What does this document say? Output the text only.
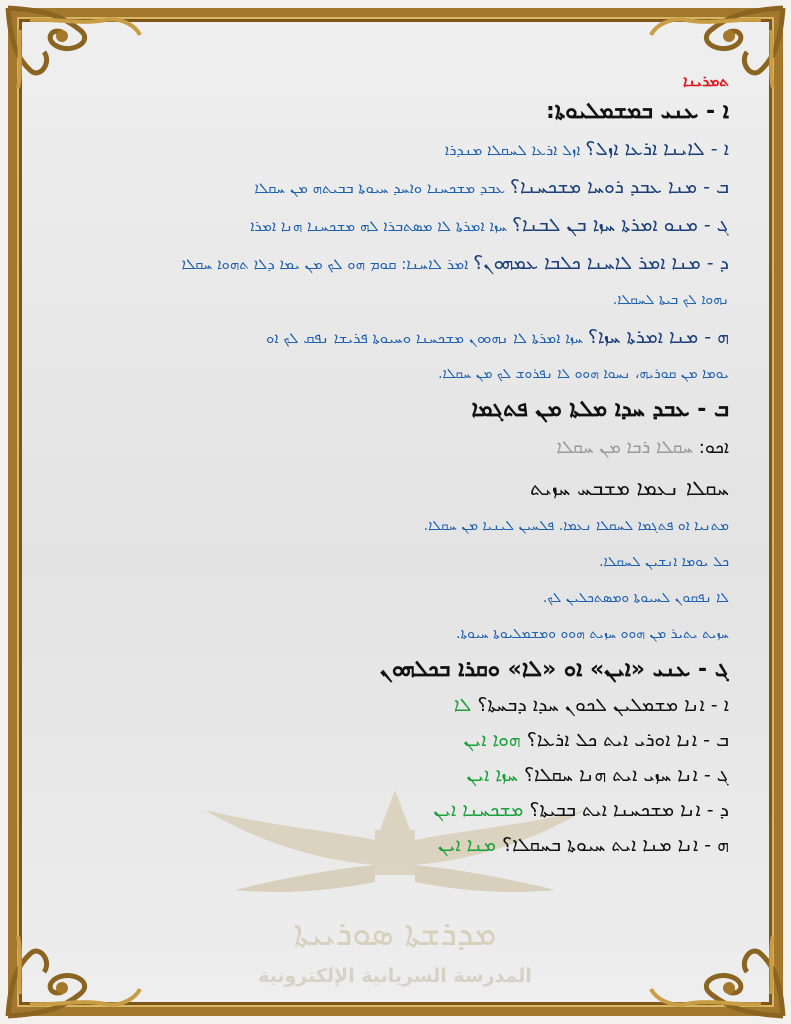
ܡܕܪܫܬܐ ܣܘܪܝܝܬܐ
المدرسة السريانية الإلكترونية
ܬܡܪܝܢܐ
ܐ - ܥܢܝ ܒܡܫܡܠܝܘܬܐ:
ܐ - ܠܐܝܢܐ ܐܪܥܐ ܐܙܠ؟ ܐܙܠ ܐܪܥܐ ܠܚܩܠܐ ܡܢܕܪܐ
ܒ - ܡܢܐ ܥܒܕ ܪܘܚܐ ܡܫܟܚܢܐ؟ ܥܒܕ ܡܫܟܚܢܐ ܘܐܚܕ ܚܝܘܬܐ ܒܒܝܬܗ ܡܢ ܚܩܠܐ
ܓ - ܡܢܘ ܐܡܪܬܐ ܚܙܐ ܒܢ ܠܒܢܐ؟ ܚܙܐ ܐܡܪܬܐ ܠܐ ܡܣܬܒܪܐ ܠܗ ܡܫܟܚܢܐ ܗܢܐ ܐܡܪܐ
ܕ - ܡܢܐ ܐܡܪ ܠܐܚܢܐ ܟܠܒܐ ܥܡܗܘܢ؟ ܐܡܪ ܠܐܚܢܐ: ܩܘܡ ܗܘ ܠܟ ܡܢ ܝܡܐ ܕܠܐ ܬܗܘܐ ܚܩܠܐ
ܢܗܘܐ ܠܟ ܒܝܬܐ ܠܚܩܠܐ.
ܗ - ܡܢܐ ܐܡܪܬܐ ܚܙܐ؟ ܚܙܐ ܐܡܪܬܐ ܠܐ ܢܗܘܘܢ ܡܫܟܚܢܐ ܘܚܝܘܬܐ ܦܪܝܫܐ ܢܦܩ ܠܟ ܐܘ
ܝܘܡܐ ܡܢ ܩܘܪܝܗ، ܢܚܘܐ ܗܘܘ ܠܐ ܢܦܪܘܫ ܠܟ ܡܢ ܚܩܠܐ.
ܒ - ܥܒܕ ܚܕܐ ܡܠܬܐ ܡܢ ܦܬܓܡܐ
ܐܟܘ: ܚܩܠܐ ܪܒܐ ܡܢ ܚܩܠܐ
ܚܩܠܐ ܢܥܡܐ ܡܫܒܚ ܚܙܝܬ
ܡܬܢܝܐ ܐܘ ܦܬܓܡܐ ܠܚܩܠܐ ܢܥܡܐ. ܦܠܚܝܢ ܠܝܢܝܐ ܡܢ ܚܩܠܐ.
ܟܠ ܝܘܡܐ ܐܢܫܝܢ ܠܚܩܠܐ.
ܠܐ ܢܦܩܘܢ ܠܚܝܘܬܐ ܘܡܣܬܟܠܝܢ ܠܟ.
ܚܙܝܬ ܝܬܝܪ ܡܢ ܗܘܘ ܚܙܝܬ ܗܘܘ ܘܡܫܡܠܝܘܬܐ ܚܝܘܬܐ.
ܓ - ܥܢܝ «ܐܝܢ» ܐܘ «ܠܐ» ܘܩܪܐ ܒܟܠܗܘܢ
ܐ - ܐܢܐ ܡܫܡܠܝܢ ܠܟܘܢ ܚܕܐ ܕܒܚܬܐ؟ ܠܐ
ܒ - ܐܢܐ ܐܘܪܝ ܐܝܬ ܟܠ ܐܪܥܐ؟ ܗܘܐ ܐܝܢ
ܓ - ܐܢܐ ܚܙܝ ܐܝܬ ܗܢܐ ܚܩܠܐ؟ ܚܙܐ ܐܝܢ
ܕ - ܐܢܐ ܡܫܟܚܢܐ ܐܝܬ ܒܒܝܬܐ؟ ܡܫܟܚܢܐ ܐܝܢ
ܗ - ܐܢܐ ܡܢܐ ܐܝܬ ܚܝܘܬܐ ܒܚܩܠܐ؟ ܡܢܐ ܐܝܢ
